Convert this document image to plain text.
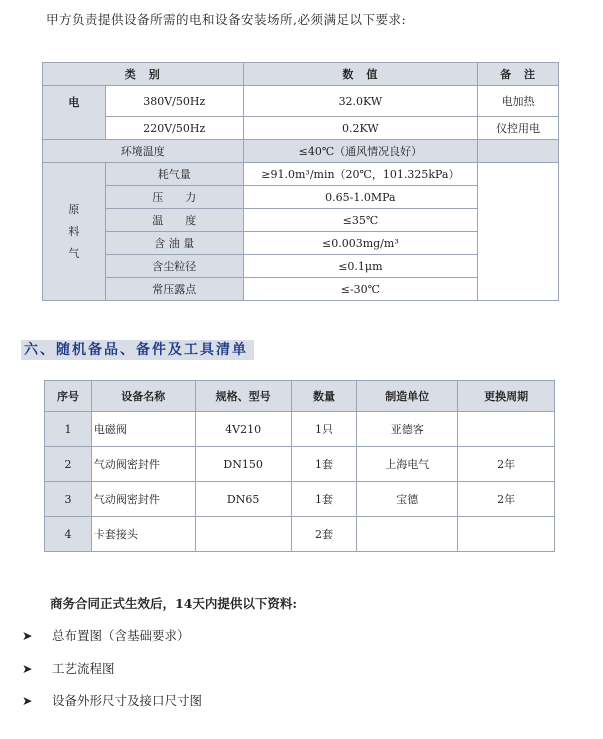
甲方负责提供设备所需的电和设备安装场所,必须满足以下要求:
类　别		数　值	备　注
电	380V/50Hz	32.0KW	电加热
	220V/50Hz	0.2KW	仪控用电
环境温度		≤40℃（通风情况良好）	

原料气	耗气量	≥91.0m³/min（20℃，101.325kPa）	
	压　　力	0.65-1.0MPa	
	温　　度	≤35℃	
	含 油 量	≤0.003mg/m³	
	含尘粒径	≤0.1μm	
	常压露点	≤-30℃	
六、随机备品、备件及工具清单
序号	设备名称	规格、型号	数量	制造单位	更换周期
1	电磁阀	4V210	1只	亚德客	
2	气动阀密封件	DN150	1套	上海电气	2年
3	气动阀密封件	DN65	1套	宝德	2年
4	卡套接头		2套		
商务合同正式生效后，14天内提供以下资料:
➤ 总布置图（含基础要求）
➤ 工艺流程图
➤ 设备外形尺寸及接口尺寸图
